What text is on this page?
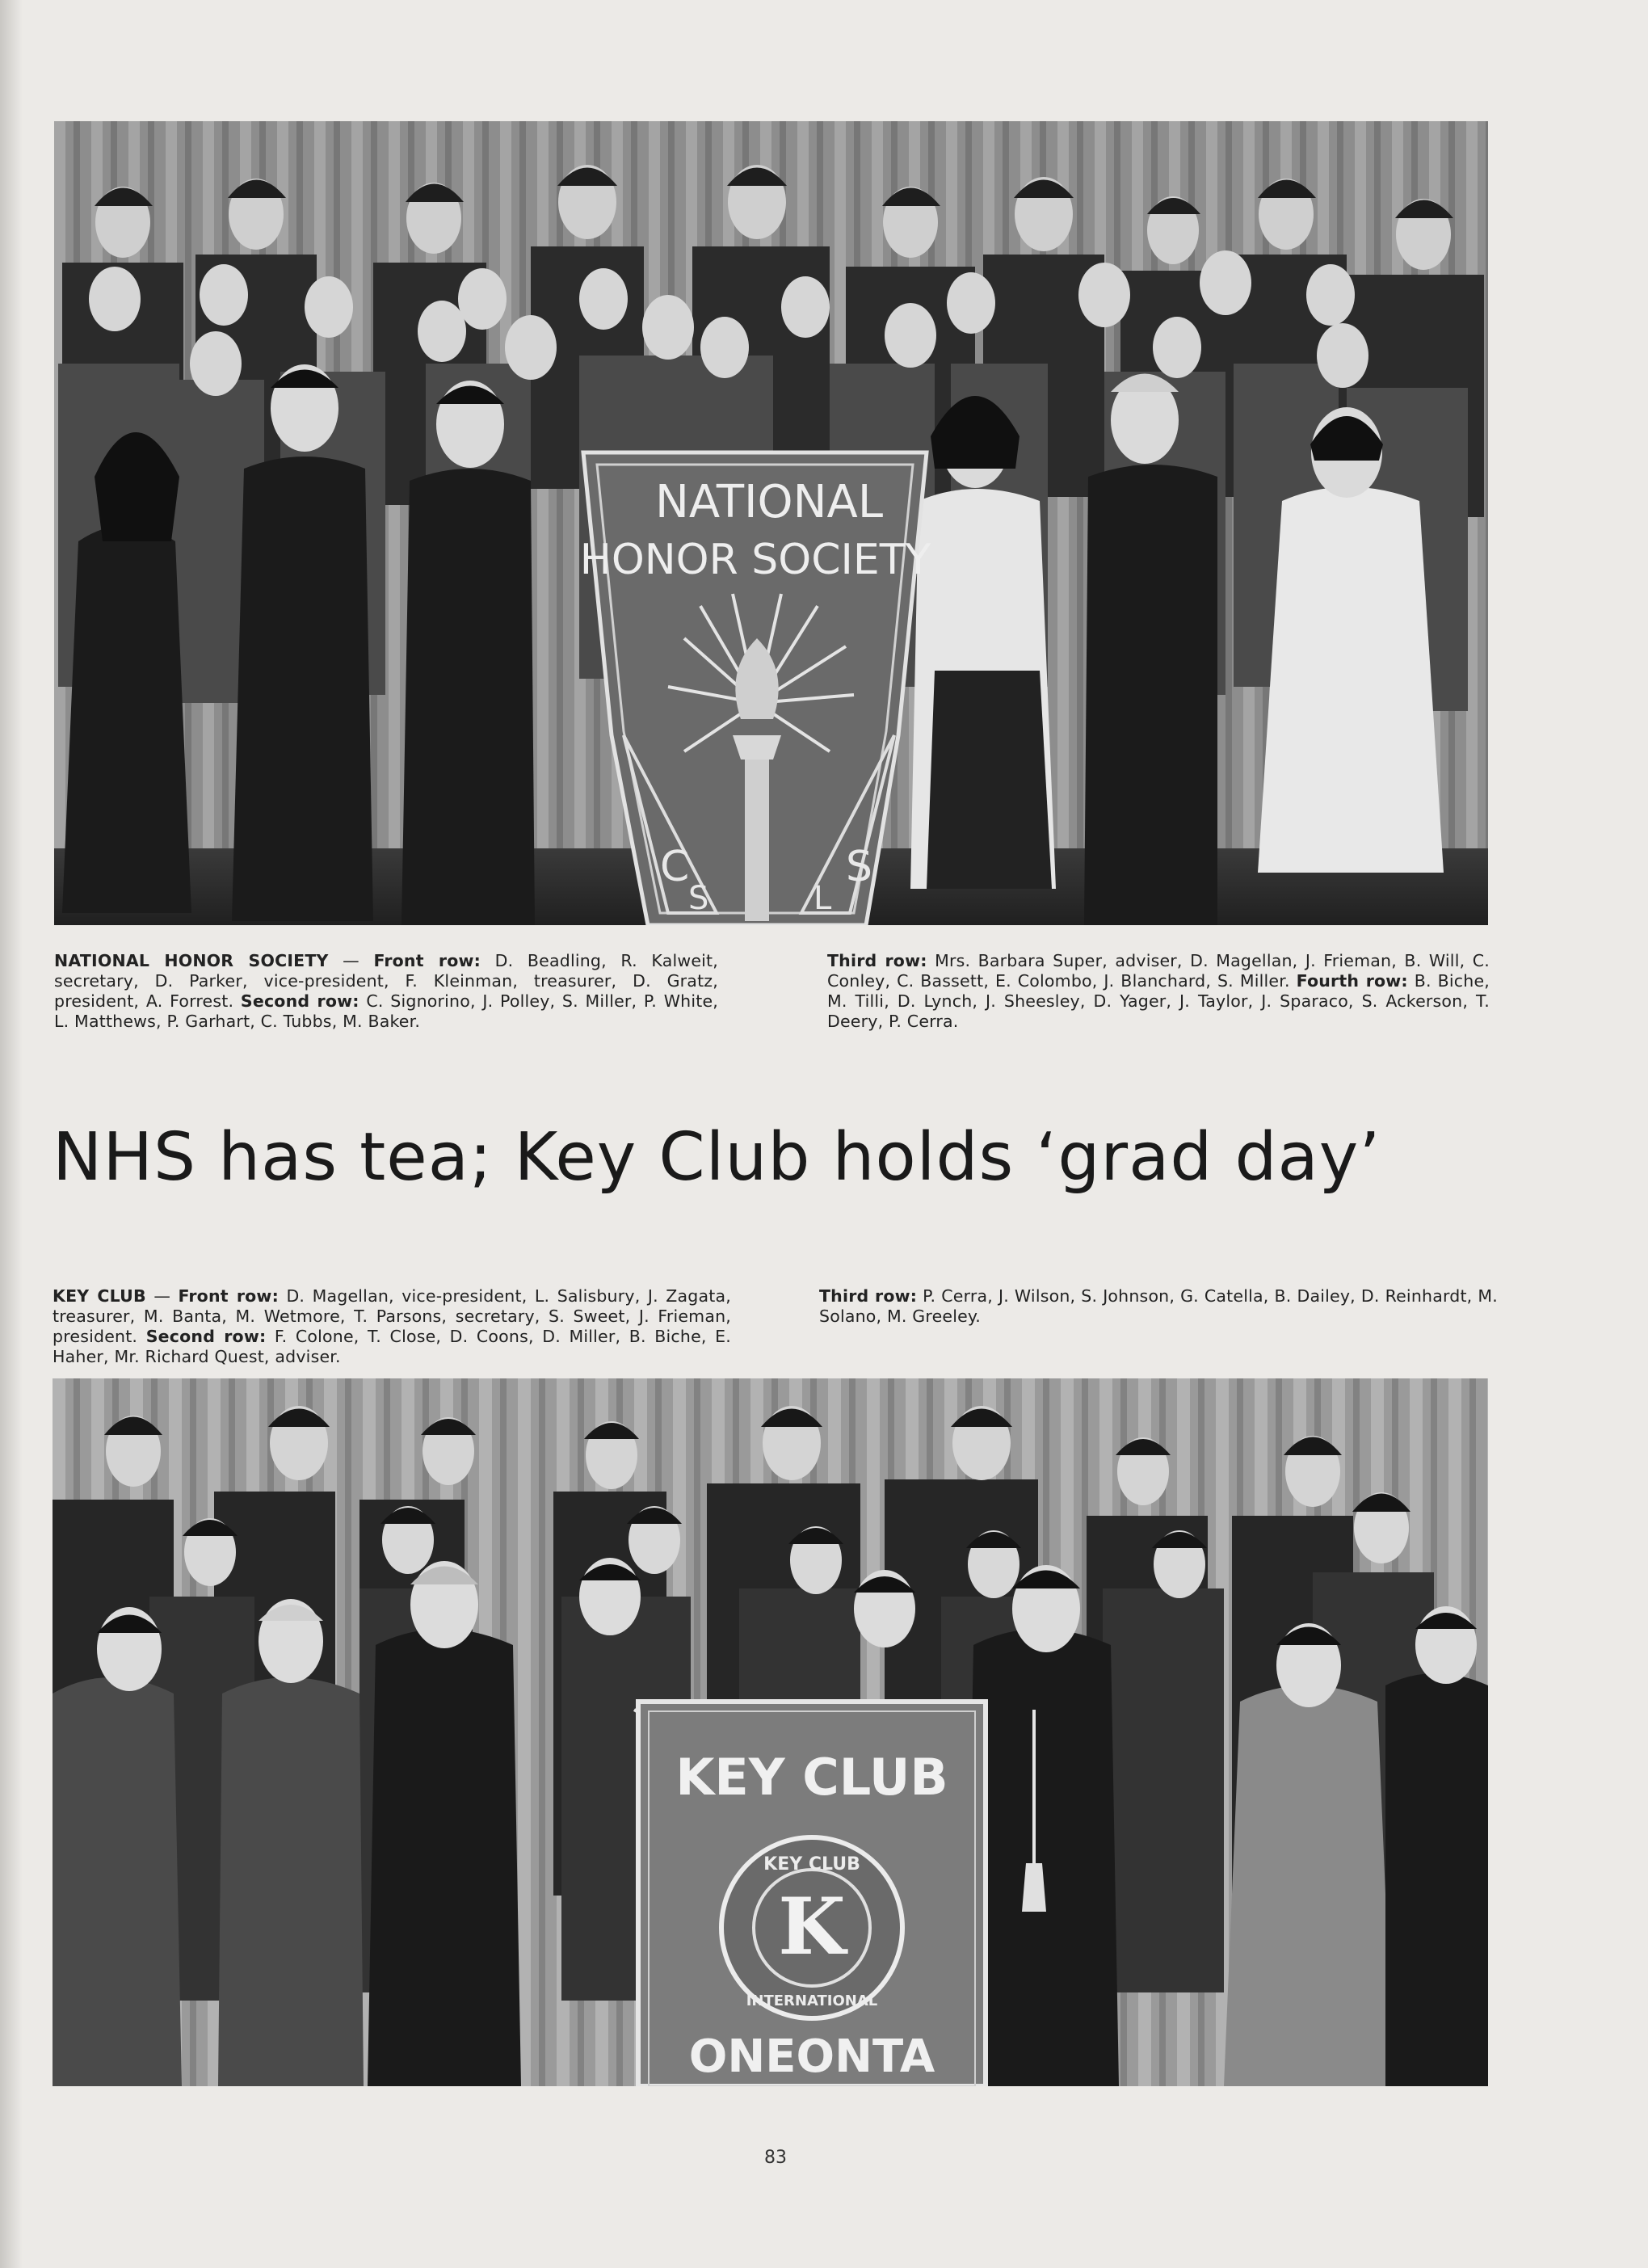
NATIONAL
HONOR SOCIETY
C
S	L
S
NATIONAL HONOR SOCIETY — Front row: D. Beadling, R. Kalweit, secretary, D. Parker, vice-president, F. Kleinman, treasurer, D. Gratz, president, A. Forrest. Second row: C. Signorino, J. Polley, S. Miller, P. White, L. Matthews, P. Garhart, C. Tubbs, M. Baker.
Third row: Mrs. Barbara Super, adviser, D. Magellan, J. Frieman, B. Will, C. Conley, C. Bassett, E. Colombo, J. Blanchard, S. Miller. Fourth row: B. Biche, M. Tilli, D. Lynch, J. Sheesley, D. Yager, J. Taylor, J. Sparaco, S. Ackerson, T. Deery, P. Cerra.
NHS has tea; Key Club holds ‘grad day’
KEY CLUB — Front row: D. Magellan, vice-president, L. Salisbury, J. Zagata, treasurer, M. Banta, M. Wetmore, T. Parsons, secretary, S. Sweet, J. Frieman, president. Second row: F. Colone, T. Close, D. Coons, D. Miller, B. Biche, E. Haher, Mr. Richard Quest, adviser.
Third row: P. Cerra, J. Wilson, S. Johnson, G. Catella, B. Dailey, D. Reinhardt, M. Solano, M. Greeley.
KEY CLUB
KEY CLUB
INTERNATIONAL
K
ONEONTA
83
